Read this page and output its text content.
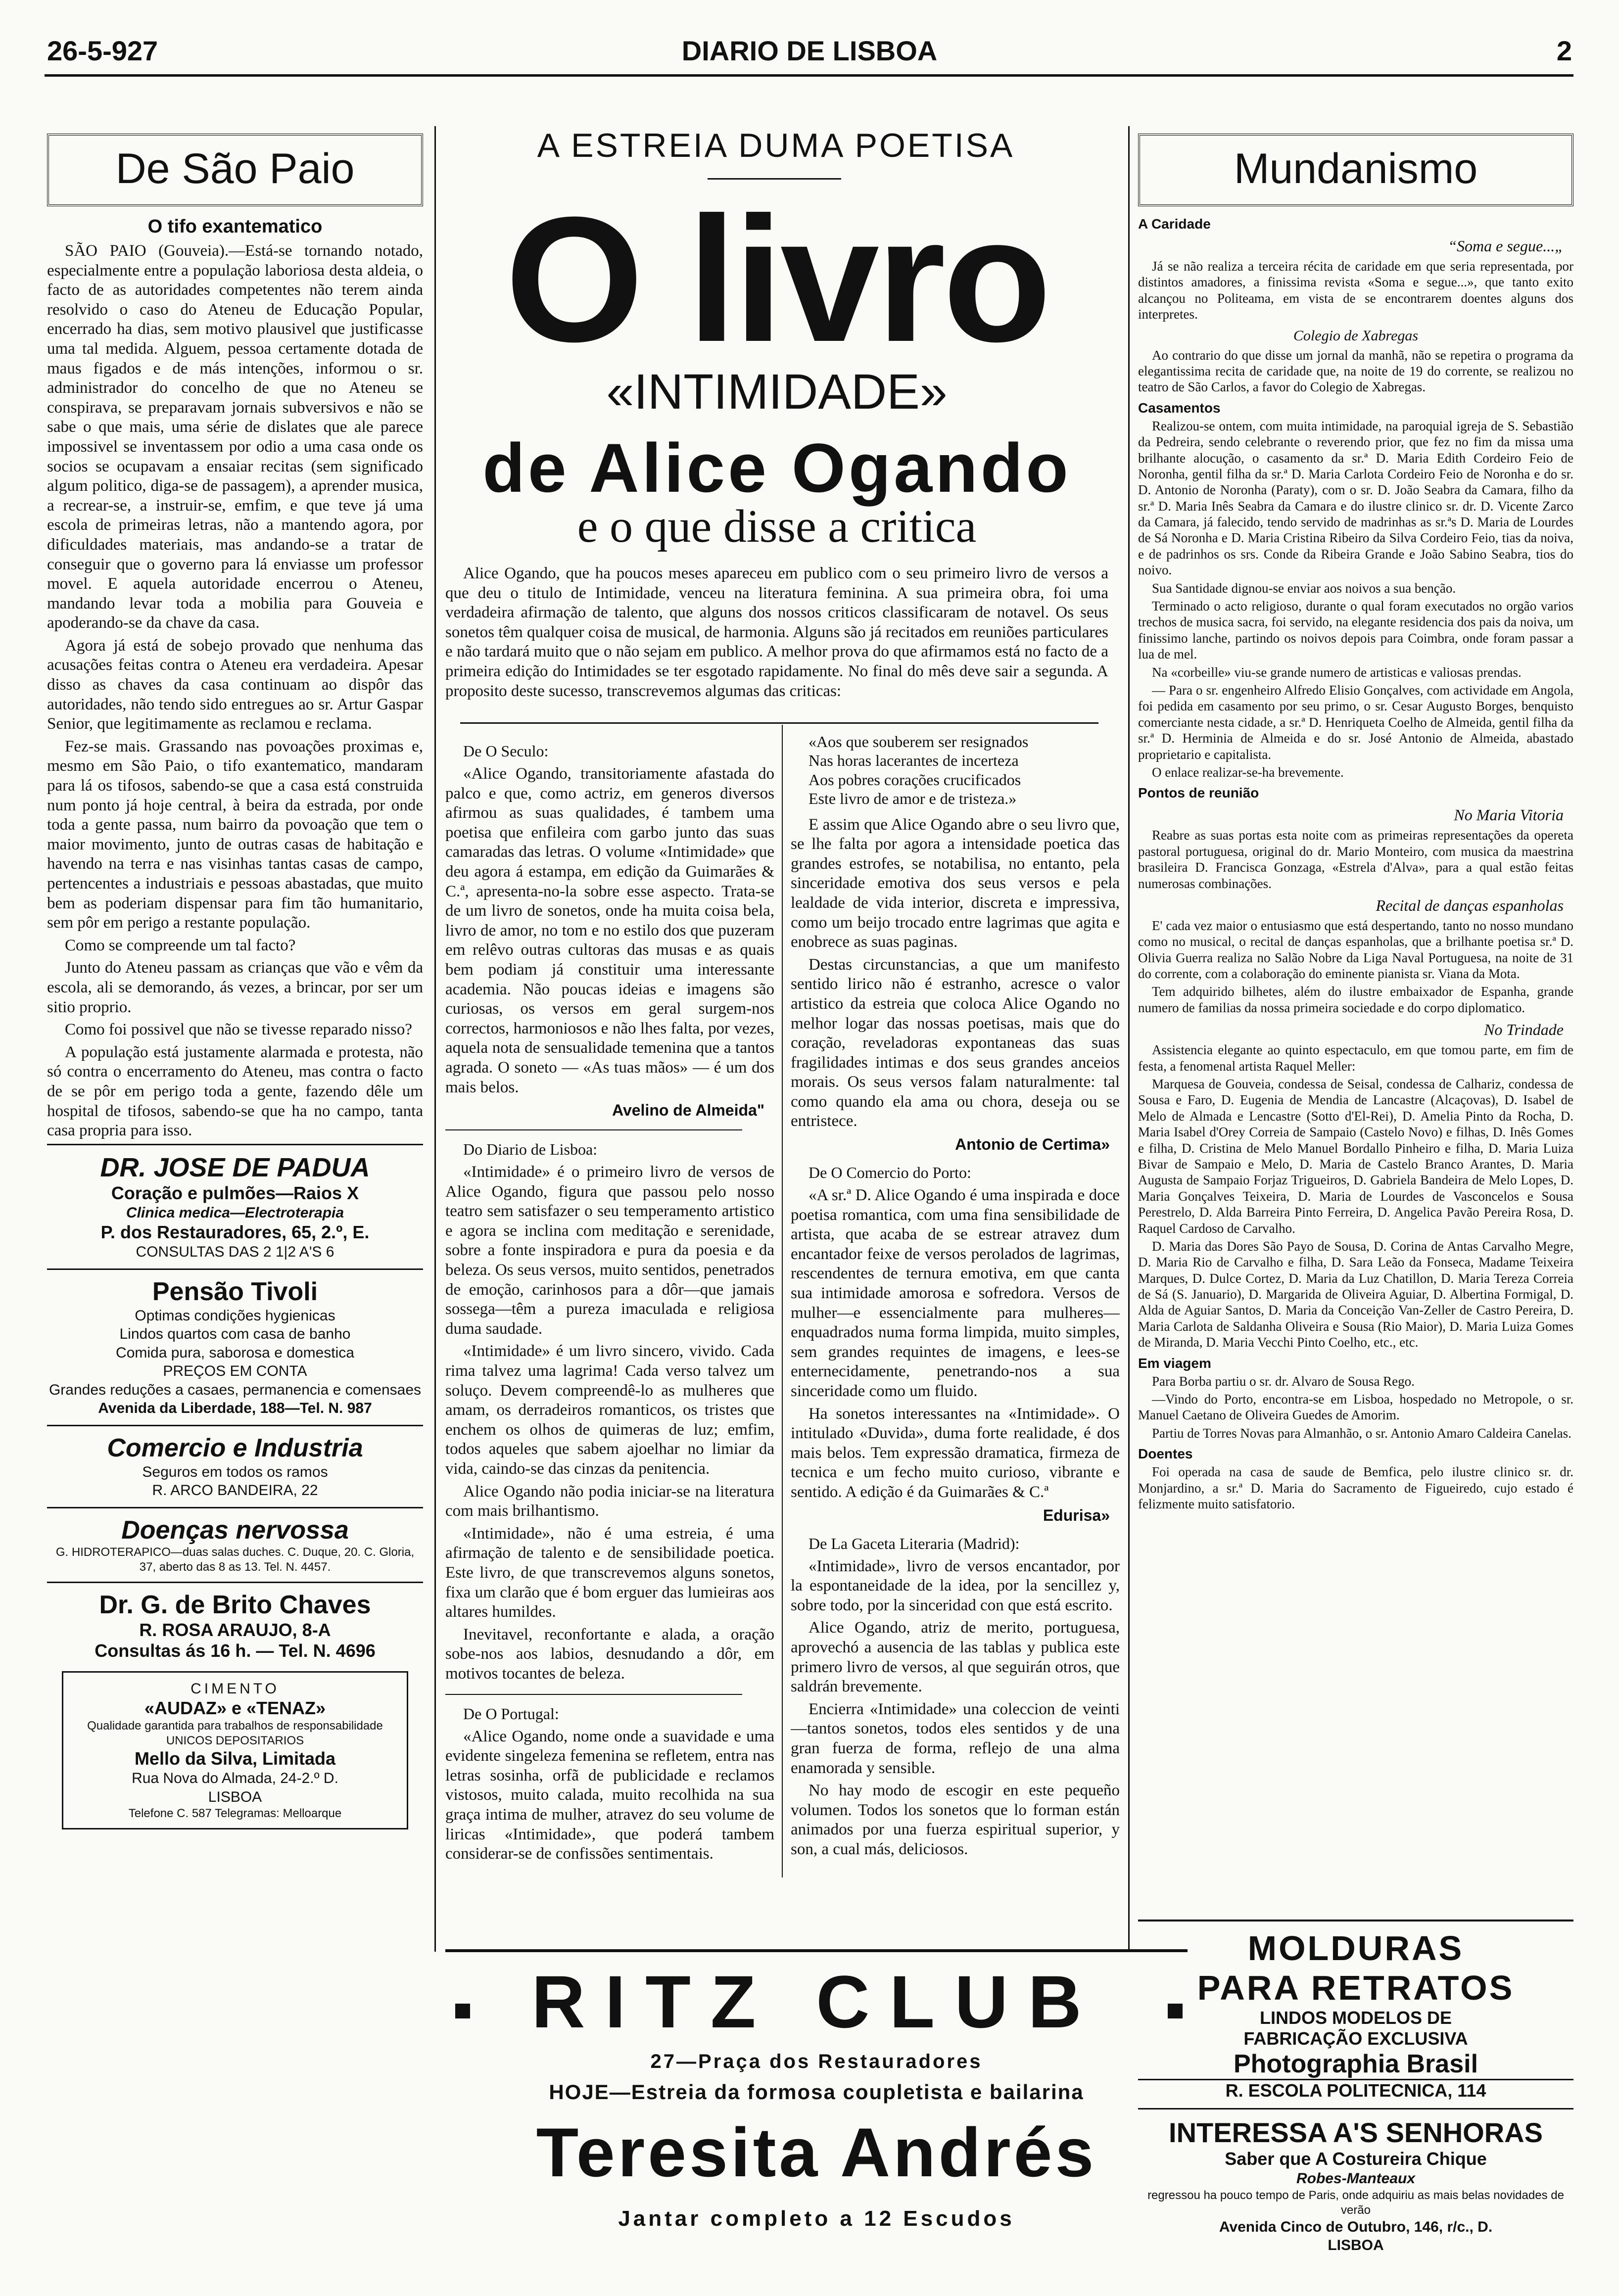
26-5-927	DIARIO DE LISBOA	2
De São Paio
O tifo exantematico

SÃO PAIO (Gouveia).—Está-se tornando notado, especialmente entre a população laboriosa desta aldeia, o facto de as autoridades competentes não terem ainda resolvido o caso do Ateneu de Educação Popular, encerrado ha dias, sem motivo plausivel que justificasse uma tal medida. Alguem, pessoa certamente dotada de maus figados e de más intenções, informou o sr. administrador do concelho de que no Ateneu se conspirava, se preparavam jornais subversivos e não se sabe o que mais, uma série de dislates que ale parece impossivel se inventassem por odio a uma casa onde os socios se ocupavam a ensaiar recitas (sem significado algum politico, diga-se de passagem), a aprender musica, a recrear-se, a instruir-se, emfim, e que teve já uma escola de primeiras letras, não a mantendo agora, por dificuldades materiais, mas andando-se a tratar de conseguir que o governo para lá enviasse um professor movel. E aquela autoridade encerrou o Ateneu, mandando levar toda a mobilia para Gouveia e apoderando-se da chave da casa.

Agora já está de sobejo provado que nenhuma das acusações feitas contra o Ateneu era verdadeira. Apesar disso as chaves da casa continuam ao dispôr das autoridades, não tendo sido entregues ao sr. Artur Gaspar Senior, que legitimamente as reclamou e reclama.

Fez-se mais. Grassando nas povoações proximas e, mesmo em São Paio, o tifo exantematico, mandaram para lá os tifosos, sabendo-se que a casa está construida num ponto já hoje central, à beira da estrada, por onde toda a gente passa, num bairro da povoação que tem o maior movimento, junto de outras casas de habitação e havendo na terra e nas visinhas tantas casas de campo, pertencentes a industriais e pessoas abastadas, que muito bem as poderiam dispensar para fim tão humanitario, sem pôr em perigo a restante população.

Como se compreende um tal facto?

Junto do Ateneu passam as crianças que vão e vêm da escola, ali se demorando, ás vezes, a brincar, por ser um sitio proprio.

Como foi possivel que não se tivesse reparado nisso?

A população está justamente alarmada e protesta, não só contra o encerramento do Ateneu, mas contra o facto de se pôr em perigo toda a gente, fazendo dêle um hospital de tifosos, sabendo-se que ha no campo, tanta casa propria para isso.

DR. JOSE DE PADUA
Coração e pulmões—Raios X
Clinica medica—Electroterapia
P. dos Restauradores, 65, 2.º, E.
CONSULTAS DAS 2 1|2 A'S 6
Pensão Tivoli
Optimas condições hygienicas
Lindos quartos com casa de banho
Comida pura, saborosa e domestica
PREÇOS EM CONTA
Grandes reduções a casaes, permanencia e comensaes
Avenida da Liberdade, 188—Tel. N. 987
Comercio e Industria
Seguros em todos os ramos
R. ARCO BANDEIRA, 22
Doenças nervossa
G. HIDROTERAPICO—duas salas duches. C. Duque, 20. C. Gloria, 37, aberto das 8 as 13. Tel. N. 4457.
Dr. G. de Brito Chaves
R. ROSA ARAUJO, 8-A
Consultas ás 16 h. — Tel. N. 4696
CIMENTO
«AUDAZ» e «TENAZ»
Qualidade garantida para trabalhos de responsabilidade
UNICOS DEPOSITARIOS
Mello da Silva, Limitada
Rua Nova do Almada, 24-2.º D.
LISBOA
Telefone C. 587 Telegramas: Melloarque
A ESTREIA DUMA POETISA
O livro
«INTIMIDADE»
de Alice Ogando
e o que disse a critica

Alice Ogando, que ha poucos meses apareceu em publico com o seu primeiro livro de versos a que deu o titulo de Intimidade, venceu na literatura feminina. A sua primeira obra, foi uma verdadeira afirmação de talento, que alguns dos nossos criticos classificaram de notavel. Os seus sonetos têm qualquer coisa de musical, de harmonia. Alguns são já recitados em reuniões particulares e não tardará muito que o não sejam em publico. A melhor prova do que afirmamos está no facto de a primeira edição do Intimidades se ter esgotado rapidamente. No final do mês deve sair a segunda. A proposito deste sucesso, transcrevemos algumas das criticas:

De O Seculo:

«Alice Ogando, transitoriamente afastada do palco e que, como actriz, em generos diversos afirmou as suas qualidades, é tambem uma poetisa que enfileira com garbo junto das suas camaradas das letras. O volume «Intimidade» que deu agora á estampa, em edição da Guimarães & C.ª, apresenta-no-la sobre esse aspecto. Trata-se de um livro de sonetos, onde ha muita coisa bela, livro de amor, no tom e no estilo dos que puzeram em relêvo outras cultoras das musas e as quais bem podiam já constituir uma interessante academia. Não poucas ideias e imagens são curiosas, os versos em geral surgem-nos correctos, harmoniosos e não lhes falta, por vezes, aquela nota de sensualidade temenina que a tantos agrada. O soneto — «As tuas mãos» — é um dos mais belos.

Avelino de Almeida"
Do Diario de Lisboa:

«Intimidade» é o primeiro livro de versos de Alice Ogando, figura que passou pelo nosso teatro sem satisfazer o seu temperamento artistico e agora se inclina com meditação e serenidade, sobre a fonte inspiradora e pura da poesia e da beleza. Os seus versos, muito sentidos, penetrados de emoção, carinhosos para a dôr—que jamais sossega—têm a pureza imaculada e religiosa duma saudade.

«Intimidade» é um livro sincero, vivido. Cada rima talvez uma lagrima! Cada verso talvez um soluço. Devem compreendê-lo as mulheres que amam, os derradeiros romanticos, os tristes que enchem os olhos de quimeras de luz; emfim, todos aqueles que sabem ajoelhar no limiar da vida, caindo-se das cinzas da penitencia.

Alice Ogando não podia iniciar-se na literatura com mais brilhantismo.

«Intimidade», não é uma estreia, é uma afirmação de talento e de sensibilidade poetica. Este livro, de que transcrevemos alguns sonetos, fixa um clarão que é bom erguer das lumieiras aos altares humildes.

Inevitavel, reconfortante e alada, a oração sobe-nos aos labios, desnudando a dôr, em motivos tocantes de beleza.

De O Portugal:

«Alice Ogando, nome onde a suavidade e uma evidente singeleza femenina se refletem, entra nas letras sosinha, orfã de publicidade e reclamos vistosos, muito calada, muito recolhida na sua graça intima de mulher, atravez do seu volume de liricas «Intimidade», que poderá tambem considerar-se de confissões sentimentais.

«Aos que souberem ser resignados
Nas horas lacerantes de incerteza
Aos pobres corações crucificados
Este livro de amor e de tristeza.»

E assim que Alice Ogando abre o seu livro que, se lhe falta por agora a intensidade poetica das grandes estrofes, se notabilisa, no entanto, pela sinceridade emotiva dos seus versos e pela lealdade de vida interior, discreta e impressiva, como um beijo trocado entre lagrimas que agita e enobrece as suas paginas.

Destas circunstancias, a que um manifesto sentido lirico não é estranho, acresce o valor artistico da estreia que coloca Alice Ogando no melhor logar das nossas poetisas, mais que do coração, reveladoras expontaneas das suas fragilidades intimas e dos seus grandes anceios morais. Os seus versos falam naturalmente: tal como quando ela ama ou chora, deseja ou se entristece.

Antonio de Certima»
De O Comercio do Porto:

«A sr.ª D. Alice Ogando é uma inspirada e doce poetisa romantica, com uma fina sensibilidade de artista, que acaba de se estrear atravez dum encantador feixe de versos perolados de lagrimas, rescendentes de ternura emotiva, em que canta sua intimidade amorosa e sofredora. Versos de mulher—e essencialmente para mulheres—enquadrados numa forma limpida, muito simples, sem grandes requintes de imagens, e lees-se enternecidamente, penetrando-nos a sua sinceridade como um fluido.

Ha sonetos interessantes na «Intimidade». O intitulado «Duvida», duma forte realidade, é dos mais belos. Tem expressão dramatica, firmeza de tecnica e um fecho muito curioso, vibrante e sentido. A edição é da Guimarães & C.ª

Edurisa»
De La Gaceta Literaria (Madrid):

«Intimidade», livro de versos encantador, por la espontaneidade de la idea, por la sencillez y, sobre todo, por la sinceridad con que está escrito.

Alice Ogando, atriz de merito, portuguesa, aprovechó a ausencia de las tablas y publica este primero livro de versos, al que seguirán otros, que saldrán brevemente.

Encierra «Intimidade» una coleccion de veinti—tantos sonetos, todos eles sentidos y de una gran fuerza de forma, reflejo de una alma enamorada y sensible.

No hay modo de escogir en este pequeño volumen. Todos los sonetos que lo forman están animados por una fuerza espiritual superior, y son, a cual más, deliciosos.

RITZ CLUB
27—Praça dos Restauradores
HOJE—Estreia da formosa coupletista e bailarina
Teresita Andrés
Jantar completo a 12 Escudos
Mundanismo
A Caridade
“Soma e segue...„

Já se não realiza a terceira récita de caridade em que seria representada, por distintos amadores, a finissima revista «Soma e segue...», que tanto exito alcançou no Politeama, em vista de se encontrarem doentes alguns dos interpretes.

Colegio de Xabregas

Ao contrario do que disse um jornal da manhã, não se repetira o programa da elegantissima recita de caridade que, na noite de 19 do corrente, se realizou no teatro de São Carlos, a favor do Colegio de Xabregas.

Casamentos

Realizou-se ontem, com muita intimidade, na paroquial igreja de S. Sebastião da Pedreira, sendo celebrante o reverendo prior, que fez no fim da missa uma brilhante alocução, o casamento da sr.ª D. Maria Edith Cordeiro Feio de Noronha, gentil filha da sr.ª D. Maria Carlota Cordeiro Feio de Noronha e do sr. D. Antonio de Noronha (Paraty), com o sr. D. João Seabra da Camara, filho da sr.ª D. Maria Inês Seabra da Camara e do ilustre clinico sr. dr. D. Vicente Zarco da Camara, já falecido, tendo servido de madrinhas as sr.ªs D. Maria de Lourdes de Sá Noronha e D. Maria Cristina Ribeiro da Silva Cordeiro Feio, tias da noiva, e de padrinhos os srs. Conde da Ribeira Grande e João Sabino Seabra, tios do noivo.

Sua Santidade dignou-se enviar aos noivos a sua benção.

Terminado o acto religioso, durante o qual foram executados no orgão varios trechos de musica sacra, foi servido, na elegante residencia dos pais da noiva, um finissimo lanche, partindo os noivos depois para Coimbra, onde foram passar a lua de mel.

Na «corbeille» viu-se grande numero de artisticas e valiosas prendas.

— Para o sr. engenheiro Alfredo Elisio Gonçalves, com actividade em Angola, foi pedida em casamento por seu primo, o sr. Cesar Augusto Borges, benquisto comerciante nesta cidade, a sr.ª D. Henriqueta Coelho de Almeida, gentil filha da sr.ª D. Herminia de Almeida e do sr. José Antonio de Almeida, abastado proprietario e capitalista.

O enlace realizar-se-ha brevemente.

Pontos de reunião
No Maria Vitoria

Reabre as suas portas esta noite com as primeiras representações da opereta pastoral portuguesa, original do dr. Mario Monteiro, com musica da maestrina brasileira D. Francisca Gonzaga, «Estrela d'Alva», para a qual estão feitas numerosas combinações.

Recital de danças espanholas

E' cada vez maior o entusiasmo que está despertando, tanto no nosso mundano como no musical, o recital de danças espanholas, que a brilhante poetisa sr.ª D. Olivia Guerra realiza no Salão Nobre da Liga Naval Portuguesa, na noite de 31 do corrente, com a colaboração do eminente pianista sr. Viana da Mota.

Tem adquirido bilhetes, além do ilustre embaixador de Espanha, grande numero de familias da nossa primeira sociedade e do corpo diplomatico.

No Trindade

Assistencia elegante ao quinto espectaculo, em que tomou parte, em fim de festa, a fenomenal artista Raquel Meller:

Marquesa de Gouveia, condessa de Seisal, condessa de Calhariz, condessa de Sousa e Faro, D. Eugenia de Mendia de Lancastre (Alcaçovas), D. Isabel de Melo de Almada e Lencastre (Sotto d'El-Rei), D. Amelia Pinto da Rocha, D. Maria Isabel d'Orey Correia de Sampaio (Castelo Novo) e filhas, D. Inês Gomes e filha, D. Cristina de Melo Manuel Bordallo Pinheiro e filha, D. Maria Luiza Bivar de Sampaio e Melo, D. Maria de Castelo Branco Arantes, D. Maria Augusta de Sampaio Forjaz Trigueiros, D. Gabriela Bandeira de Melo Lopes, D. Maria Gonçalves Teixeira, D. Maria de Lourdes de Vasconcelos e Sousa Perestrelo, D. Alda Barreira Pinto Ferreira, D. Angelica Pavão Pereira Rosa, D. Raquel Cardoso de Carvalho.

D. Maria das Dores São Payo de Sousa, D. Corina de Antas Carvalho Megre, D. Maria Rio de Carvalho e filha, D. Sara Leão da Fonseca, Madame Teixeira Marques, D. Dulce Cortez, D. Maria da Luz Chatillon, D. Maria Tereza Correia de Sá (S. Januario), D. Margarida de Oliveira Aguiar, D. Albertina Formigal, D. Alda de Aguiar Santos, D. Maria da Conceição Van-Zeller de Castro Pereira, D. Maria Carlota de Saldanha Oliveira e Sousa (Rio Maior), D. Maria Luiza Gomes de Miranda, D. Maria Vecchi Pinto Coelho, etc., etc.

Em viagem

Para Borba partiu o sr. dr. Alvaro de Sousa Rego.

—Vindo do Porto, encontra-se em Lisboa, hospedado no Metropole, o sr. Manuel Caetano de Oliveira Guedes de Amorim.

Partiu de Torres Novas para Almanhão, o sr. Antonio Amaro Caldeira Canelas.

Doentes

Foi operada na casa de saude de Bemfica, pelo ilustre clinico sr. dr. Monjardino, a sr.ª D. Maria do Sacramento de Figueiredo, cujo estado é felizmente muito satisfatorio.

MOLDURAS
PARA RETRATOS
LINDOS MODELOS DE
FABRICAÇÃO EXCLUSIVA
Photographia Brasil
R. ESCOLA POLITECNICA, 114
INTERESSA A'S SENHORAS
Saber que A Costureira Chique
Robes-Manteaux
regressou ha pouco tempo de Paris, onde adquiriu as mais belas novidades de verão
Avenida Cinco de Outubro, 146, r/c., D.
LISBOA
